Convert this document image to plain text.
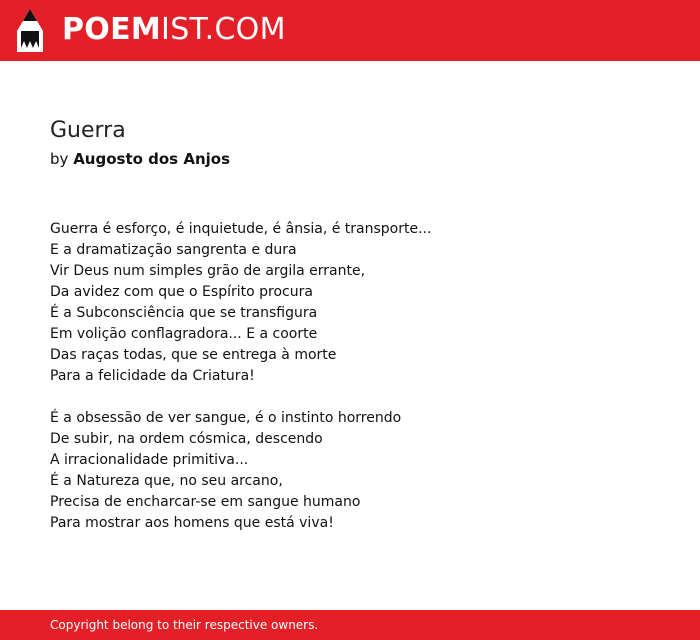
POEMIST.COM
Guerra
by Augosto dos Anjos
Guerra é esforço, é inquietude, é ânsia, é transporte...
E a dramatização sangrenta e dura
Vir Deus num simples grão de argila errante,
Da avidez com que o Espírito procura
É a Subconsciência que se transfigura
Em volição conflagradora... E a coorte
Das raças todas, que se entrega à morte
Para a felicidade da Criatura!
É a obsessão de ver sangue, é o instinto horrendo
De subir, na ordem cósmica, descendo
A irracionalidade primitiva...
É a Natureza que, no seu arcano,
Precisa de encharcar-se em sangue humano
Para mostrar aos homens que está viva!
Copyright belong to their respective owners.
